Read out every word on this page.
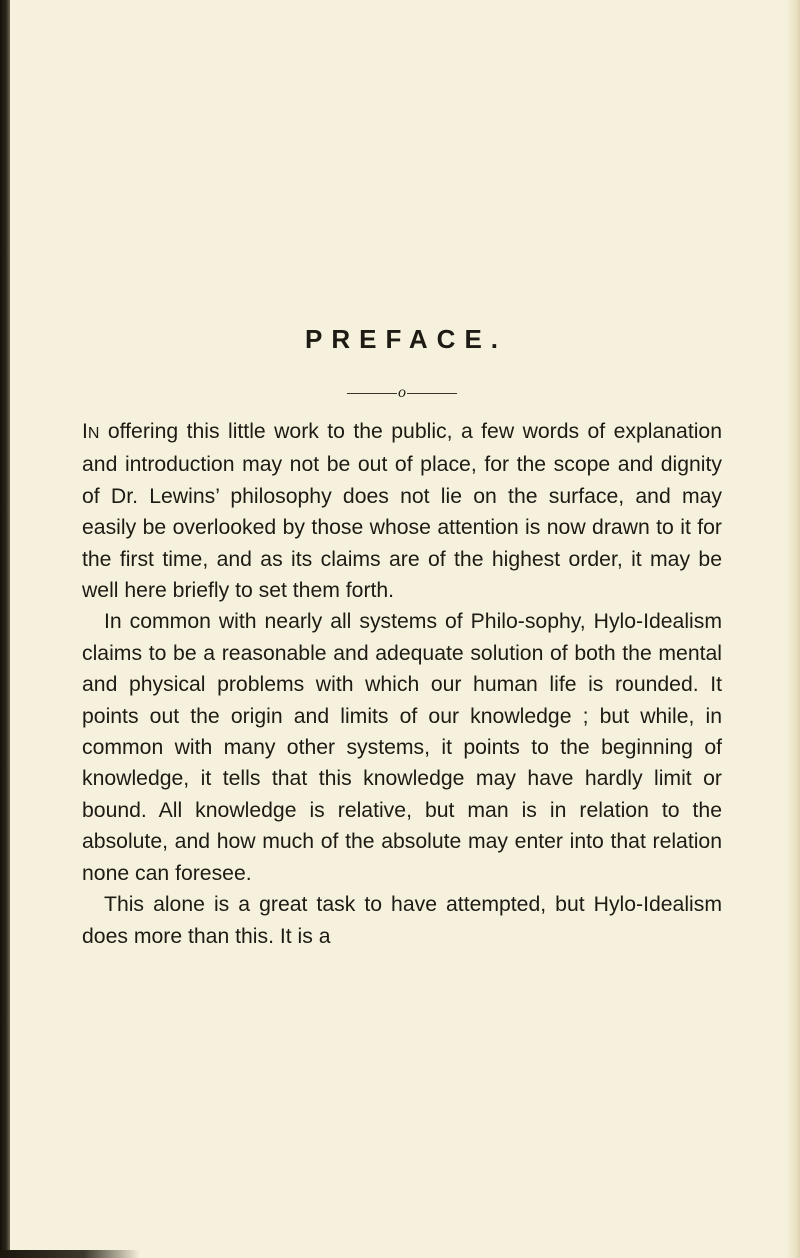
PREFACE.
o

IN offering this little work to the public, a few words of explanation and introduction may not be out of place, for the scope and dignity of Dr. Lewins’ philosophy does not lie on the surface, and may easily be overlooked by those whose attention is now drawn to it for the first time, and as its claims are of the highest order, it may be well here briefly to set them forth.

In common with nearly all systems of Philo-sophy, Hylo-Idealism claims to be a reasonable and adequate solution of both the mental and physical problems with which our human life is rounded. It points out the origin and limits of our knowledge ; but while, in common with many other systems, it points to the beginning of knowledge, it tells that this knowledge may have hardly limit or bound. All knowledge is relative, but man is in relation to the absolute, and how much of the absolute may enter into that relation none can foresee.

This alone is a great task to have attempted, but Hylo-Idealism does more than this. It is a
